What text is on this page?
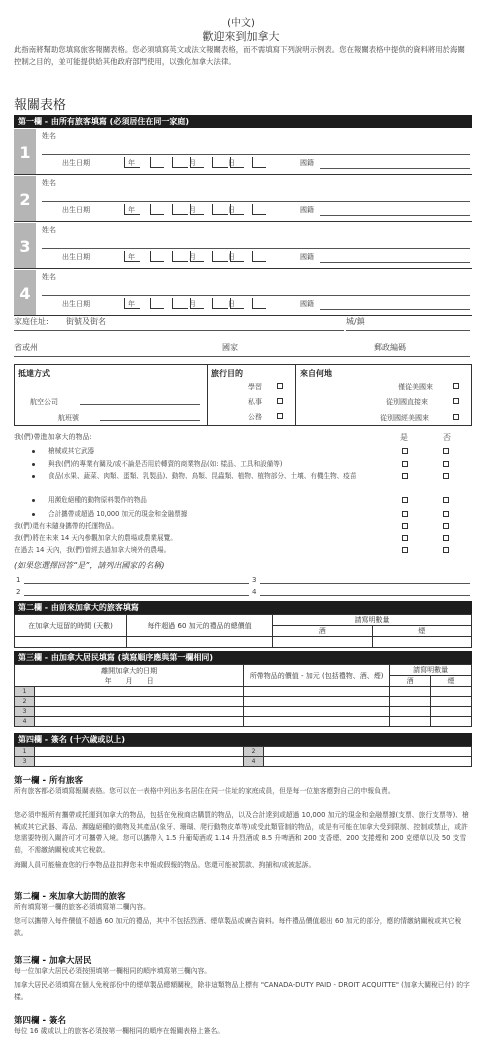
(中文)
歡迎來到加拿大
此指南將幫助您填寫旅客報關表格。您必須填寫英文或法文報關表格，而不需填寫下列說明示例表。您在報關表格中提供的資料將用於海關控制之目的，並可能提供給其他政府部門使用，以強化加拿大法律。
報關表格
第一欄 - 由所有旅客填寫 (必須居住在同一家庭)
1
姓名
出生日期	年	月	日	國籍
2
姓名
出生日期	年	月	日	國籍
3
姓名
出生日期	年	月	日	國籍
4
姓名
出生日期	年	月	日	國籍
家庭住址: 街號及街名	城/鎮
省或州	國家	郵政編碼
抵達方式
航空公司
航班號
旅行目的
學習
私事
公務
來自何地
僅從美國來
從別國直接來
從別國經美國來
我(們)帶進加拿大的物品:	是	否
槍械或其它武器
與我(們)的專業有關及/或不論是否用於轉賣的商業物品(如: 樣品、工具和設備等)
食品(水果、蔬菜、肉類、蛋類、乳製品)、動物、鳥類、昆蟲類、植物、植物部分、土壤、有機生物、疫苗
用瀕危絕種的動物原料製作的物品
合計攜帶或超過 10,000 加元的現金和金融票據
我(們)還有未隨身攜帶的托運物品。
我(們)將在未來 14 天內參觀加拿大的農場或農業展覽。
在過去 14 天內，我(們)曾經去過加拿大境外的農場。
(如果您選擇回答“是”，請列出國家的名稱)
1	3
2	4
第二欄 - 由前來加拿大的旅客填寫
在加拿大逗留的時間 (天數)	每件超過 60 加元的禮品的總價值	請寫明數量	
		酒	煙

第三欄 - 由加拿大居民填寫 (填寫順序應與第一欄相同)
離開加拿大的日期
年　　月　　日		所帶物品的價值 - 加元 (包括禮物、酒、煙)	請寫明數量	
			酒	煙
1				
2				
3				
4				
第四欄 - 簽名 (十六歲或以上)
1		2	
3		4	
第一欄 - 所有旅客
所有旅客都必須填寫報關表格。您可以在一表格中列出多名居住在同一住址的家庭成員，但是每一位旅客應對自己的申報負責。
您必須申報所有攜帶或托運到加拿大的物品，包括在免稅商店購買的物品，以及合計達到或超過 10,000 加元的現金和金融票據(支票、旅行支票等)、槍械或其它武器、毒品、瀕臨絕種的動物及其產品(象牙、珊瑚、爬行動物皮革等)或受此類管制的物品，或是有可能在加拿大受到限制、控制或禁止，或許您需要特別入關許可才可攜帶入境。您可以攜帶入 1.5 升葡萄酒或 1.14 升烈酒或 8.5 升啤酒和 200 支香煙、200 支捲煙和 200 克煙草以及 50 支雪茄，不需繳納關稅或其它稅款。
海關人員可能檢查您的行李物品並扣押您未申報或假報的物品。您還可能被罰款、拘捕和/或被起訴。
第二欄 - 來加拿大訪問的旅客
所有填寫第一欄的旅客必須填寫第二欄內容。
您可以攜帶入每件價值不超過 60 加元的禮品，其中不包括烈酒、煙草製品或廣告資料。每件禮品價值超出 60 加元的部分，應的情繳納關稅或其它稅款。
第三欄 - 加拿大居民
每一位加拿大居民必須按照填第一欄相同的順序填寫第三欄內容。
加拿大居民必須填寫在個人免稅部份中的煙草製品總額關稅，除非這類物品上標有 "CANADA-DUTY PAID - DROIT ACQUITTE" (加拿大關稅已付) 的字樣。
第四欄 - 簽名
每位 16 歲或以上的旅客必須按第一欄相同的順序在報關表格上簽名。
